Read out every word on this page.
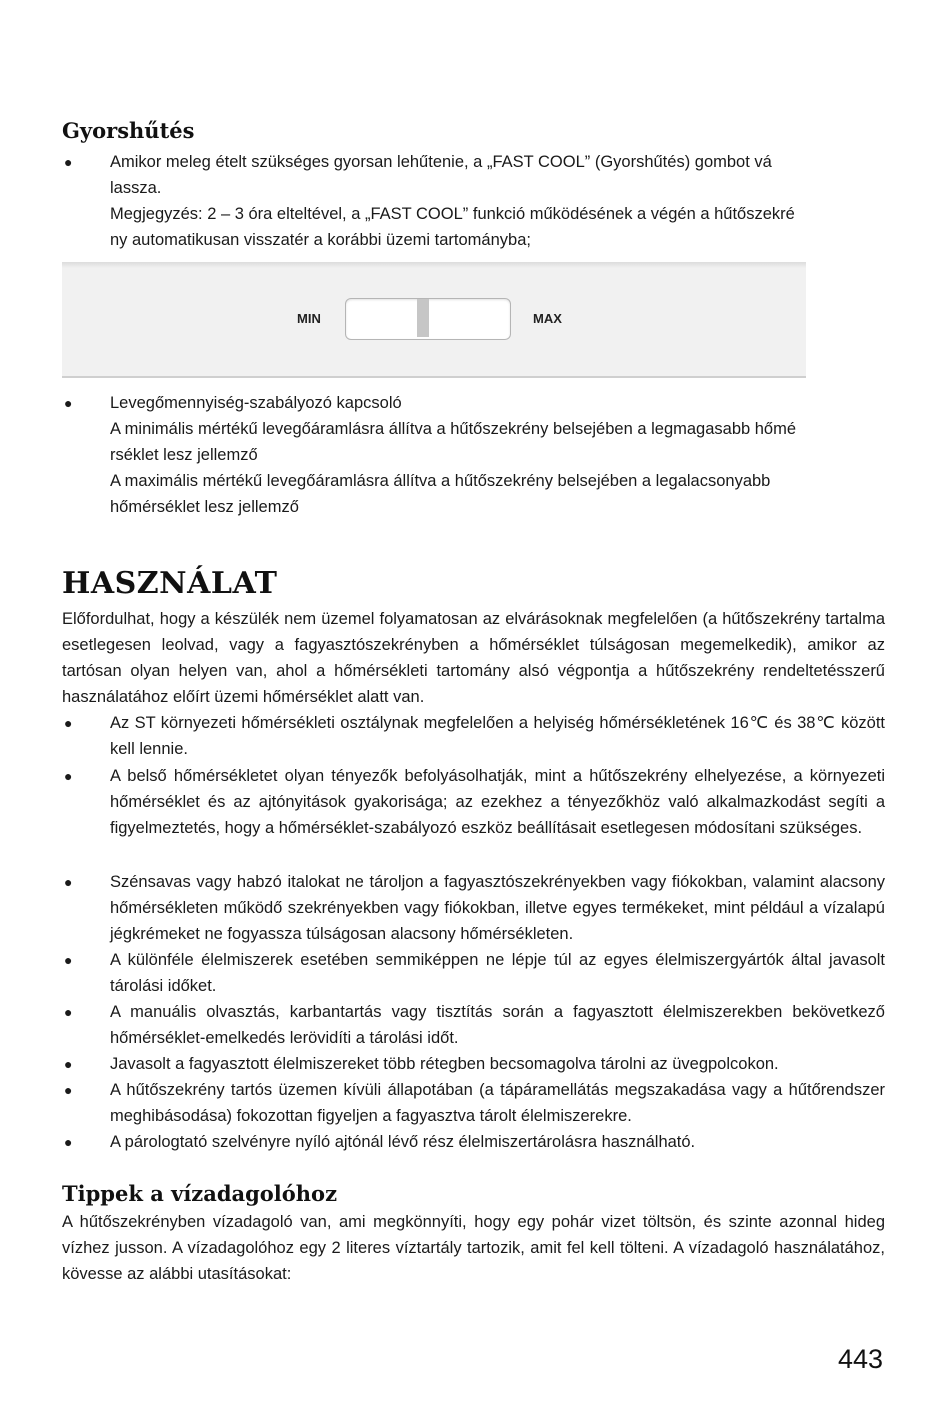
Gyorshűtés
● Amikor meleg ételt szükséges gyorsan lehűtenie, a „FAST COOL” (Gyorshűtés) gombot vá
lassza.
Megjegyzés: 2 – 3 óra elteltével, a „FAST COOL” funkció működésének a végén a hűtőszekré
ny automatikusan visszatér a korábbi üzemi tartományba;
MIN	MAX
● Levegőmennyiség-szabályozó kapcsoló
A minimális mértékű levegőáramlásra állítva a hűtőszekrény belsejében a legmagasabb hőmé
rséklet lesz jellemző
A maximális mértékű levegőáramlásra állítva a hűtőszekrény belsejében a legalacsonyabb
hőmérséklet lesz jellemző
HASZNÁLAT
Előfordulhat, hogy a készülék nem üzemel folyamatosan az elvárásoknak megfelelően (a hűtőszekrény tartalma esetlegesen leolvad, vagy a fagyasztószekrényben a hőmérséklet túlságosan megemelkedik), amikor az tartósan olyan helyen van, ahol a hőmérsékleti tartomány alsó végpontja a hűtőszekrény rendeltetésszerű használatához előírt üzemi hőmérséklet alatt van.
● Az ST környezeti hőmérsékleti osztálynak megfelelően a helyiség hőmérsékletének 16℃ és 38℃ között kell lennie.
● A belső hőmérsékletet olyan tényezők befolyásolhatják, mint a hűtőszekrény elhelyezése, a környezeti hőmérséklet és az ajtónyitások gyakorisága; az ezekhez a tényezőkhöz való alkalmazkodást segíti a figyelmeztetés, hogy a hőmérséklet-szabályozó eszköz beállításait esetlegesen módosítani szükséges.
● Szénsavas vagy habzó italokat ne tároljon a fagyasztószekrényekben vagy fiókokban, valamint alacsony hőmérsékleten működő szekrényekben vagy fiókokban, illetve egyes termékeket, mint például a vízalapú jégkrémeket ne fogyassza túlságosan alacsony hőmérsékleten.
● A különféle élelmiszerek esetében semmiképpen ne lépje túl az egyes élelmiszergyártók által javasolt tárolási időket.
● A manuális olvasztás, karbantartás vagy tisztítás során a fagyasztott élelmiszerekben bekövetkező hőmérséklet-emelkedés lerövidíti a tárolási időt.
● Javasolt a fagyasztott élelmiszereket több rétegben becsomagolva tárolni az üvegpolcokon.
● A hűtőszekrény tartós üzemen kívüli állapotában (a tápáramellátás megszakadása vagy a hűtőrendszer meghibásodása) fokozottan figyeljen a fagyasztva tárolt élelmiszerekre.
● A párologtató szelvényre nyíló ajtónál lévő rész élelmiszertárolásra használható.
Tippek a vízadagolóhoz
A hűtőszekrényben vízadagoló van, ami megkönnyíti, hogy egy pohár vizet töltsön, és szinte azonnal hideg vízhez jusson. A vízadagolóhoz egy 2 literes víztartály tartozik, amit fel kell tölteni. A vízadagoló használatához, kövesse az alábbi utasításokat:
443
